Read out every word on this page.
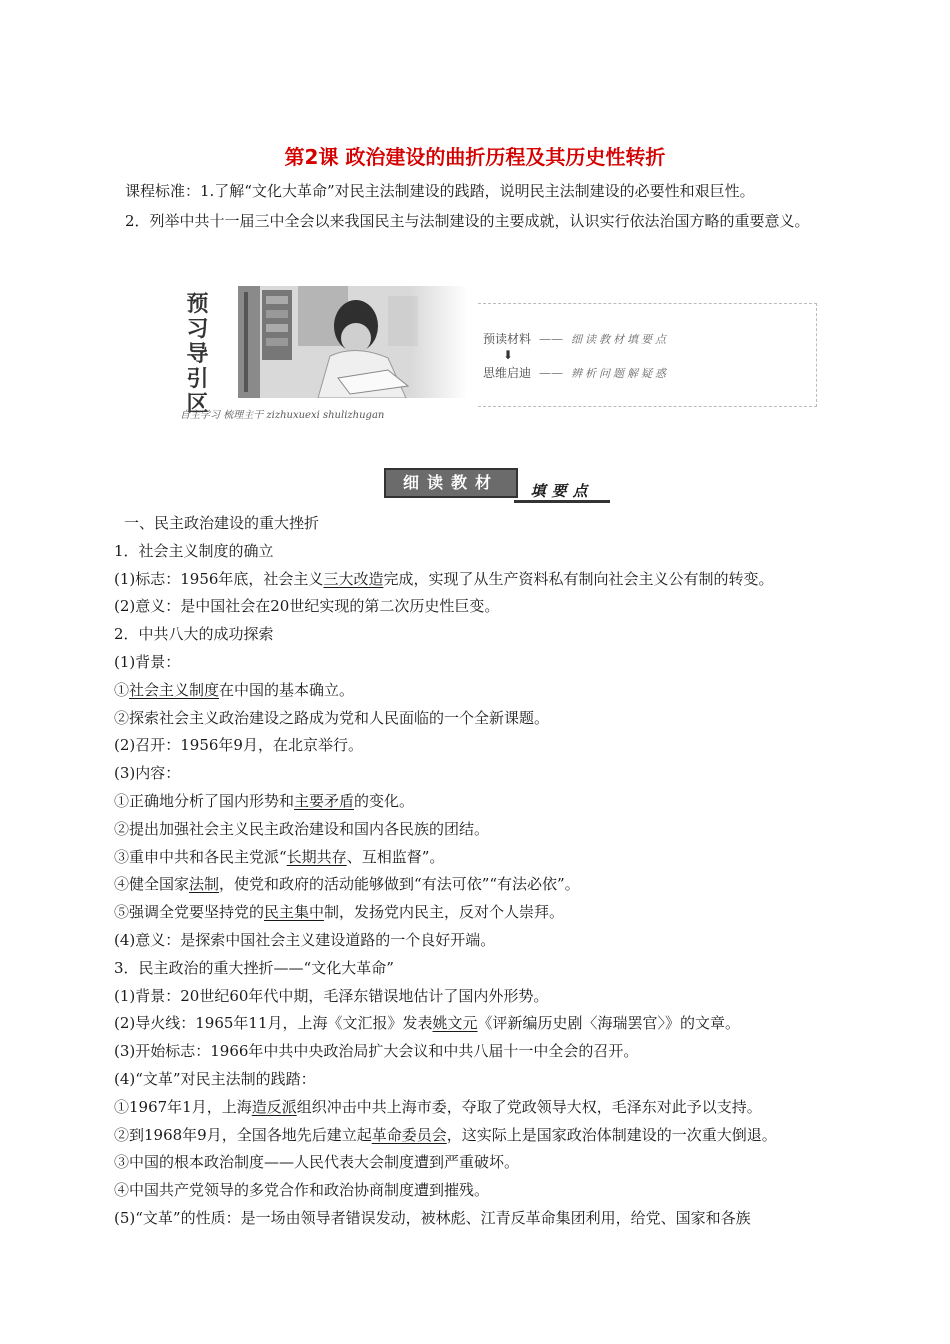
第2课 政治建设的曲折历程及其历史性转折

课程标准：1.了解“文化大革命”对民主法制建设的践踏，说明民主法制建设的必要性和艰巨性。

2．列举中共十一届三中全会以来我国民主与法制建设的主要成就，认识实行依法治国方略的重要意义。

预习导引区
自主学习 梳理主干 zizhuxuexi shulizhugan
预读材料 —— 细读教材填要点
⬇
思维启迪 —— 辨析问题解疑惑
细读教材	填要点
一、民主政治建设的重大挫折
1．社会主义制度的确立
(1)标志：1956年底，社会主义三大改造完成，实现了从生产资料私有制向社会主义公有制的转变。
(2)意义：是中国社会在20世纪实现的第二次历史性巨变。
2．中共八大的成功探索
(1)背景：
①社会主义制度在中国的基本确立。
②探索社会主义政治建设之路成为党和人民面临的一个全新课题。
(2)召开：1956年9月，在北京举行。
(3)内容：
①正确地分析了国内形势和主要矛盾的变化。
②提出加强社会主义民主政治建设和国内各民族的团结。
③重申中共和各民主党派“长期共存、互相监督”。
④健全国家法制，使党和政府的活动能够做到“有法可依”“有法必依”。
⑤强调全党要坚持党的民主集中制，发扬党内民主，反对个人崇拜。
(4)意义：是探索中国社会主义建设道路的一个良好开端。
3．民主政治的重大挫折——“文化大革命”
(1)背景：20世纪60年代中期，毛泽东错误地估计了国内外形势。
(2)导火线：1965年11月，上海《文汇报》发表姚文元《评新编历史剧〈海瑞罢官〉》的文章。
(3)开始标志：1966年中共中央政治局扩大会议和中共八届十一中全会的召开。
(4)“文革”对民主法制的践踏：
①1967年1月，上海造反派组织冲击中共上海市委，夺取了党政领导大权，毛泽东对此予以支持。
②到1968年9月，全国各地先后建立起革命委员会，这实际上是国家政治体制建设的一次重大倒退。
③中国的根本政治制度——人民代表大会制度遭到严重破坏。
④中国共产党领导的多党合作和政治协商制度遭到摧残。
(5)“文革”的性质：是一场由领导者错误发动，被林彪、江青反革命集团利用，给党、国家和各族
